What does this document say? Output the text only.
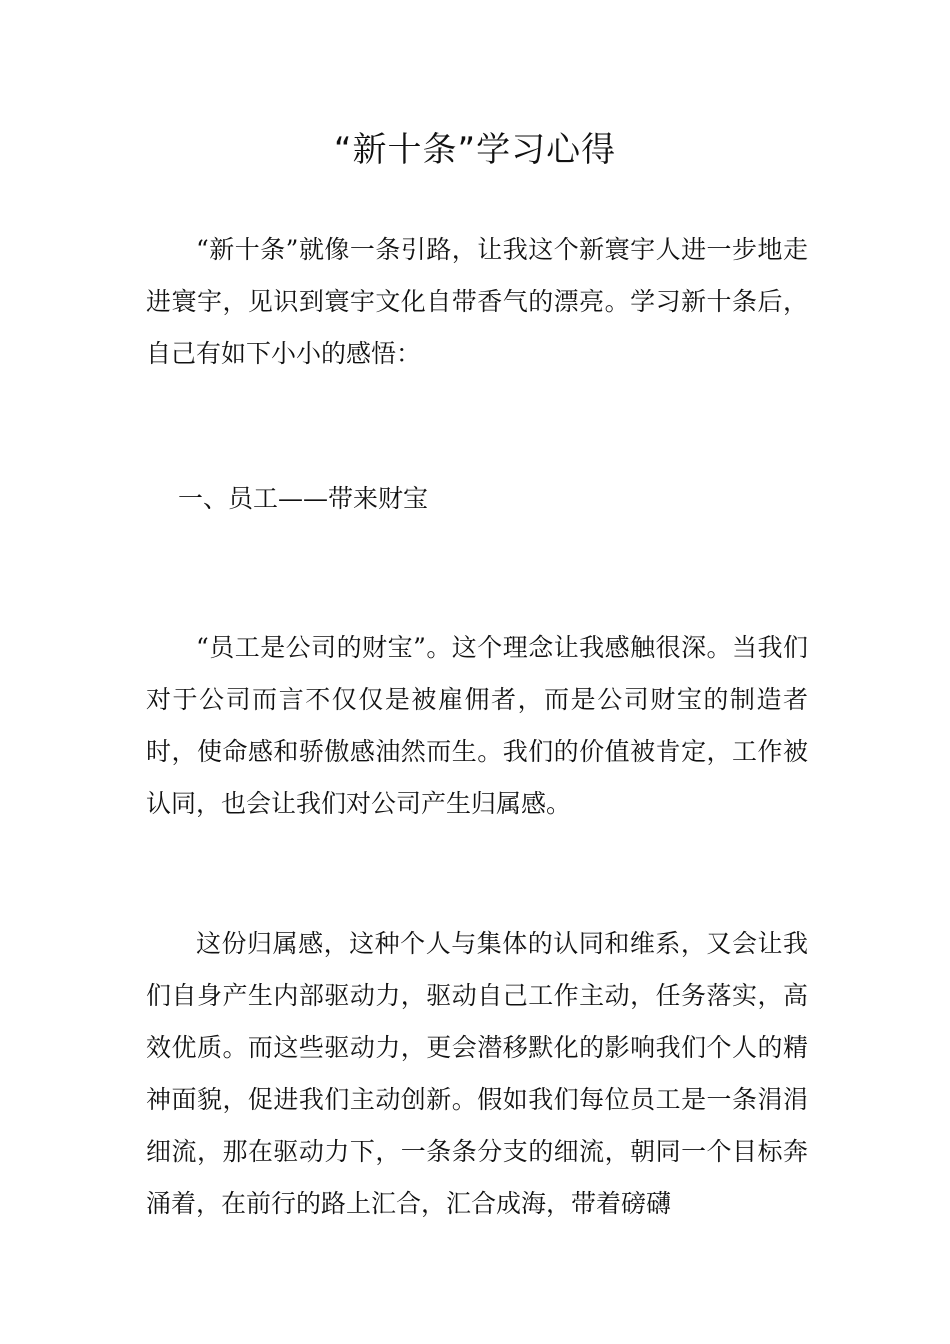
“新十条”学习心得

“新十条”就像一条引路，让我这个新寰宇人进一步地走进寰宇，见识到寰宇文化自带香气的漂亮。学习新十条后，自己有如下小小的感悟：

一、员工——带来财宝

“员工是公司的财宝”。这个理念让我感触很深。当我们对于公司而言不仅仅是被雇佣者，而是公司财宝的制造者时，使命感和骄傲感油然而生。我们的价值被肯定，工作被认同，也会让我们对公司产生归属感。

这份归属感，这种个人与集体的认同和维系，又会让我们自身产生内部驱动力，驱动自己工作主动，任务落实，高效优质。而这些驱动力，更会潜移默化的影响我们个人的精神面貌，促进我们主动创新。假如我们每位员工是一条涓涓细流，那在驱动力下，一条条分支的细流，朝同一个目标奔涌着，在前行的路上汇合，汇合成海，带着磅礴
